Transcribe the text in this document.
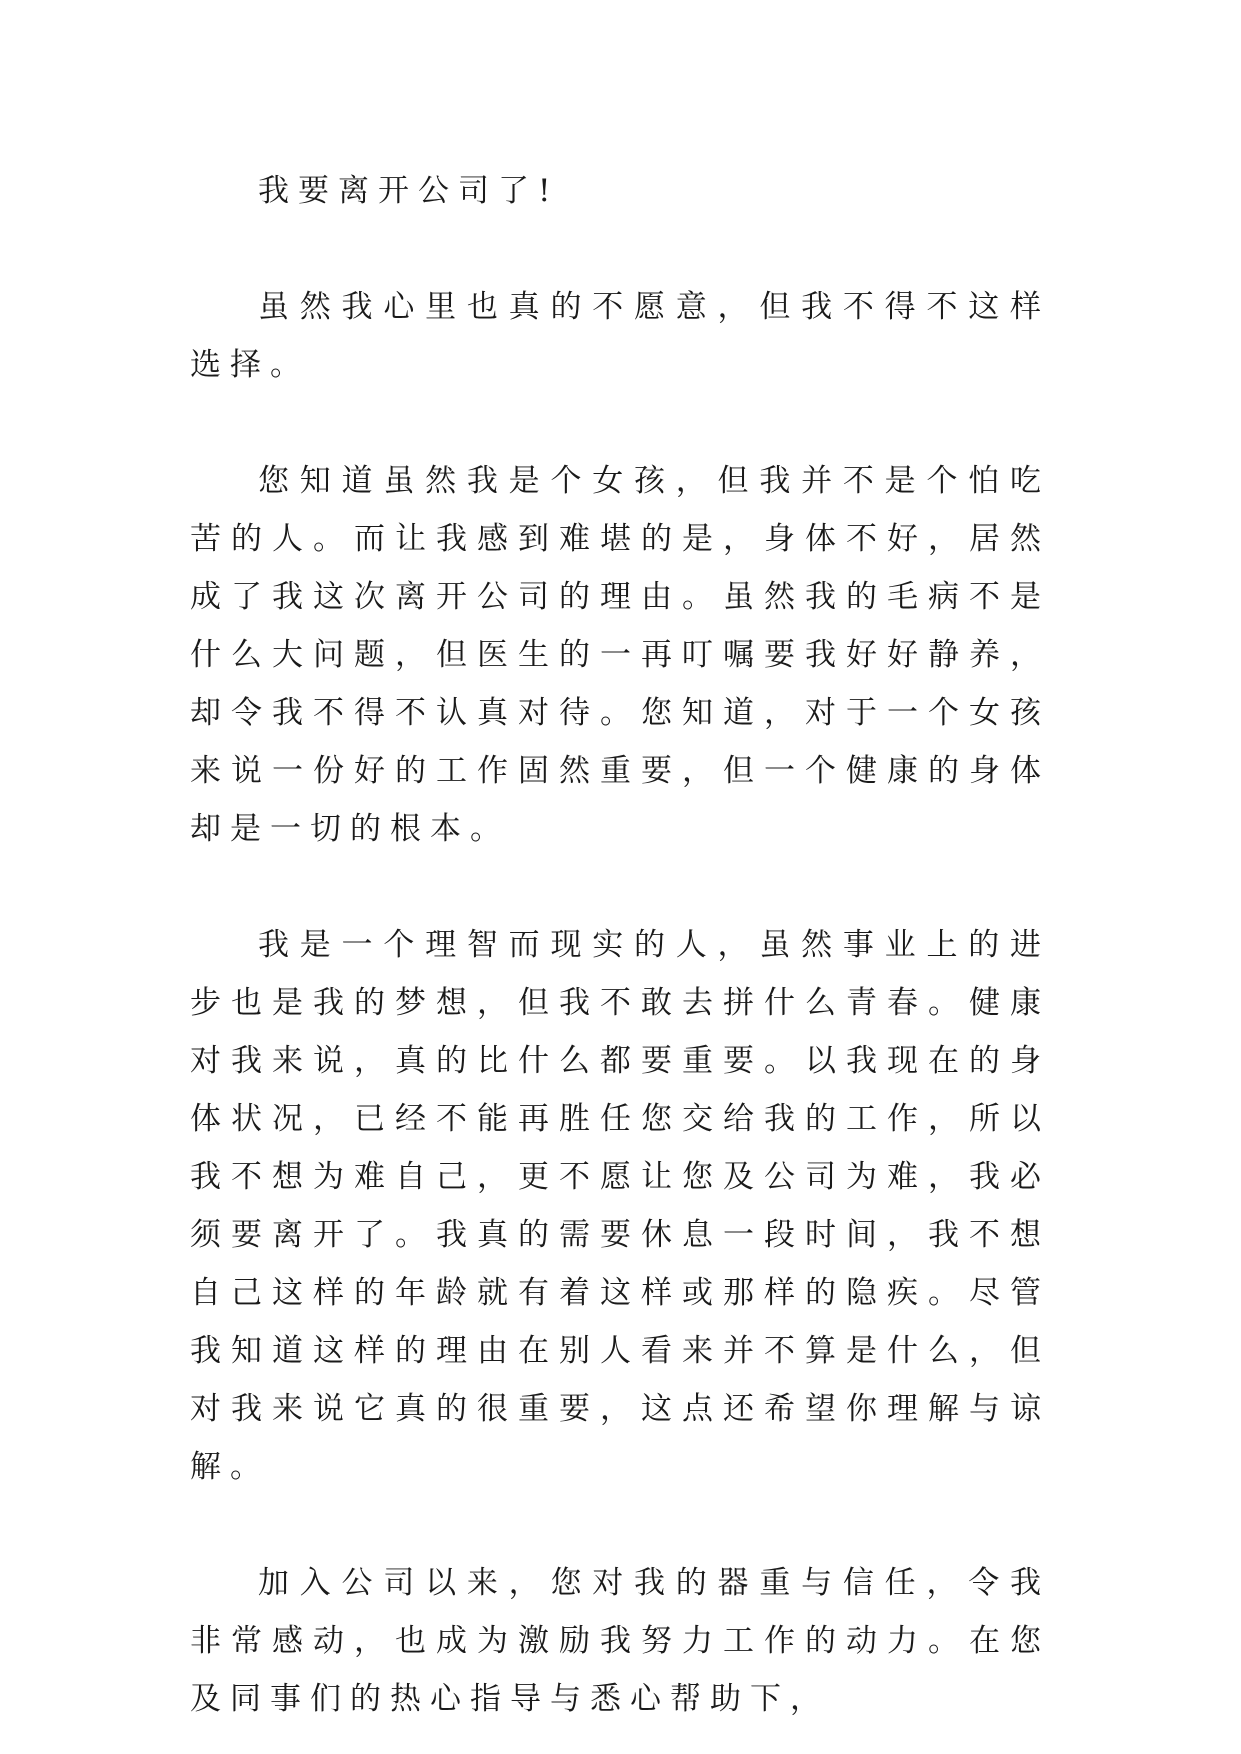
我要离开公司了!

虽然我心里也真的不愿意，但我不得不这样选择。

您知道虽然我是个女孩，但我并不是个怕吃苦的人。而让我感到难堪的是，身体不好，居然成了我这次离开公司的理由。虽然我的毛病不是什么大问题，但医生的一再叮嘱要我好好静养，却令我不得不认真对待。您知道，对于一个女孩来说一份好的工作固然重要，但一个健康的身体却是一切的根本。

我是一个理智而现实的人，虽然事业上的进步也是我的梦想，但我不敢去拼什么青春。健康对我来说，真的比什么都要重要。以我现在的身体状况，已经不能再胜任您交给我的工作，所以我不想为难自己，更不愿让您及公司为难，我必须要离开了。我真的需要休息一段时间，我不想自己这样的年龄就有着这样或那样的隐疾。尽管我知道这样的理由在别人看来并不算是什么，但对我来说它真的很重要，这点还希望你理解与谅解。

加入公司以来，您对我的器重与信任，令我非常感动，也成为激励我努力工作的动力。在您及同事们的热心指导与悉心帮助下，
